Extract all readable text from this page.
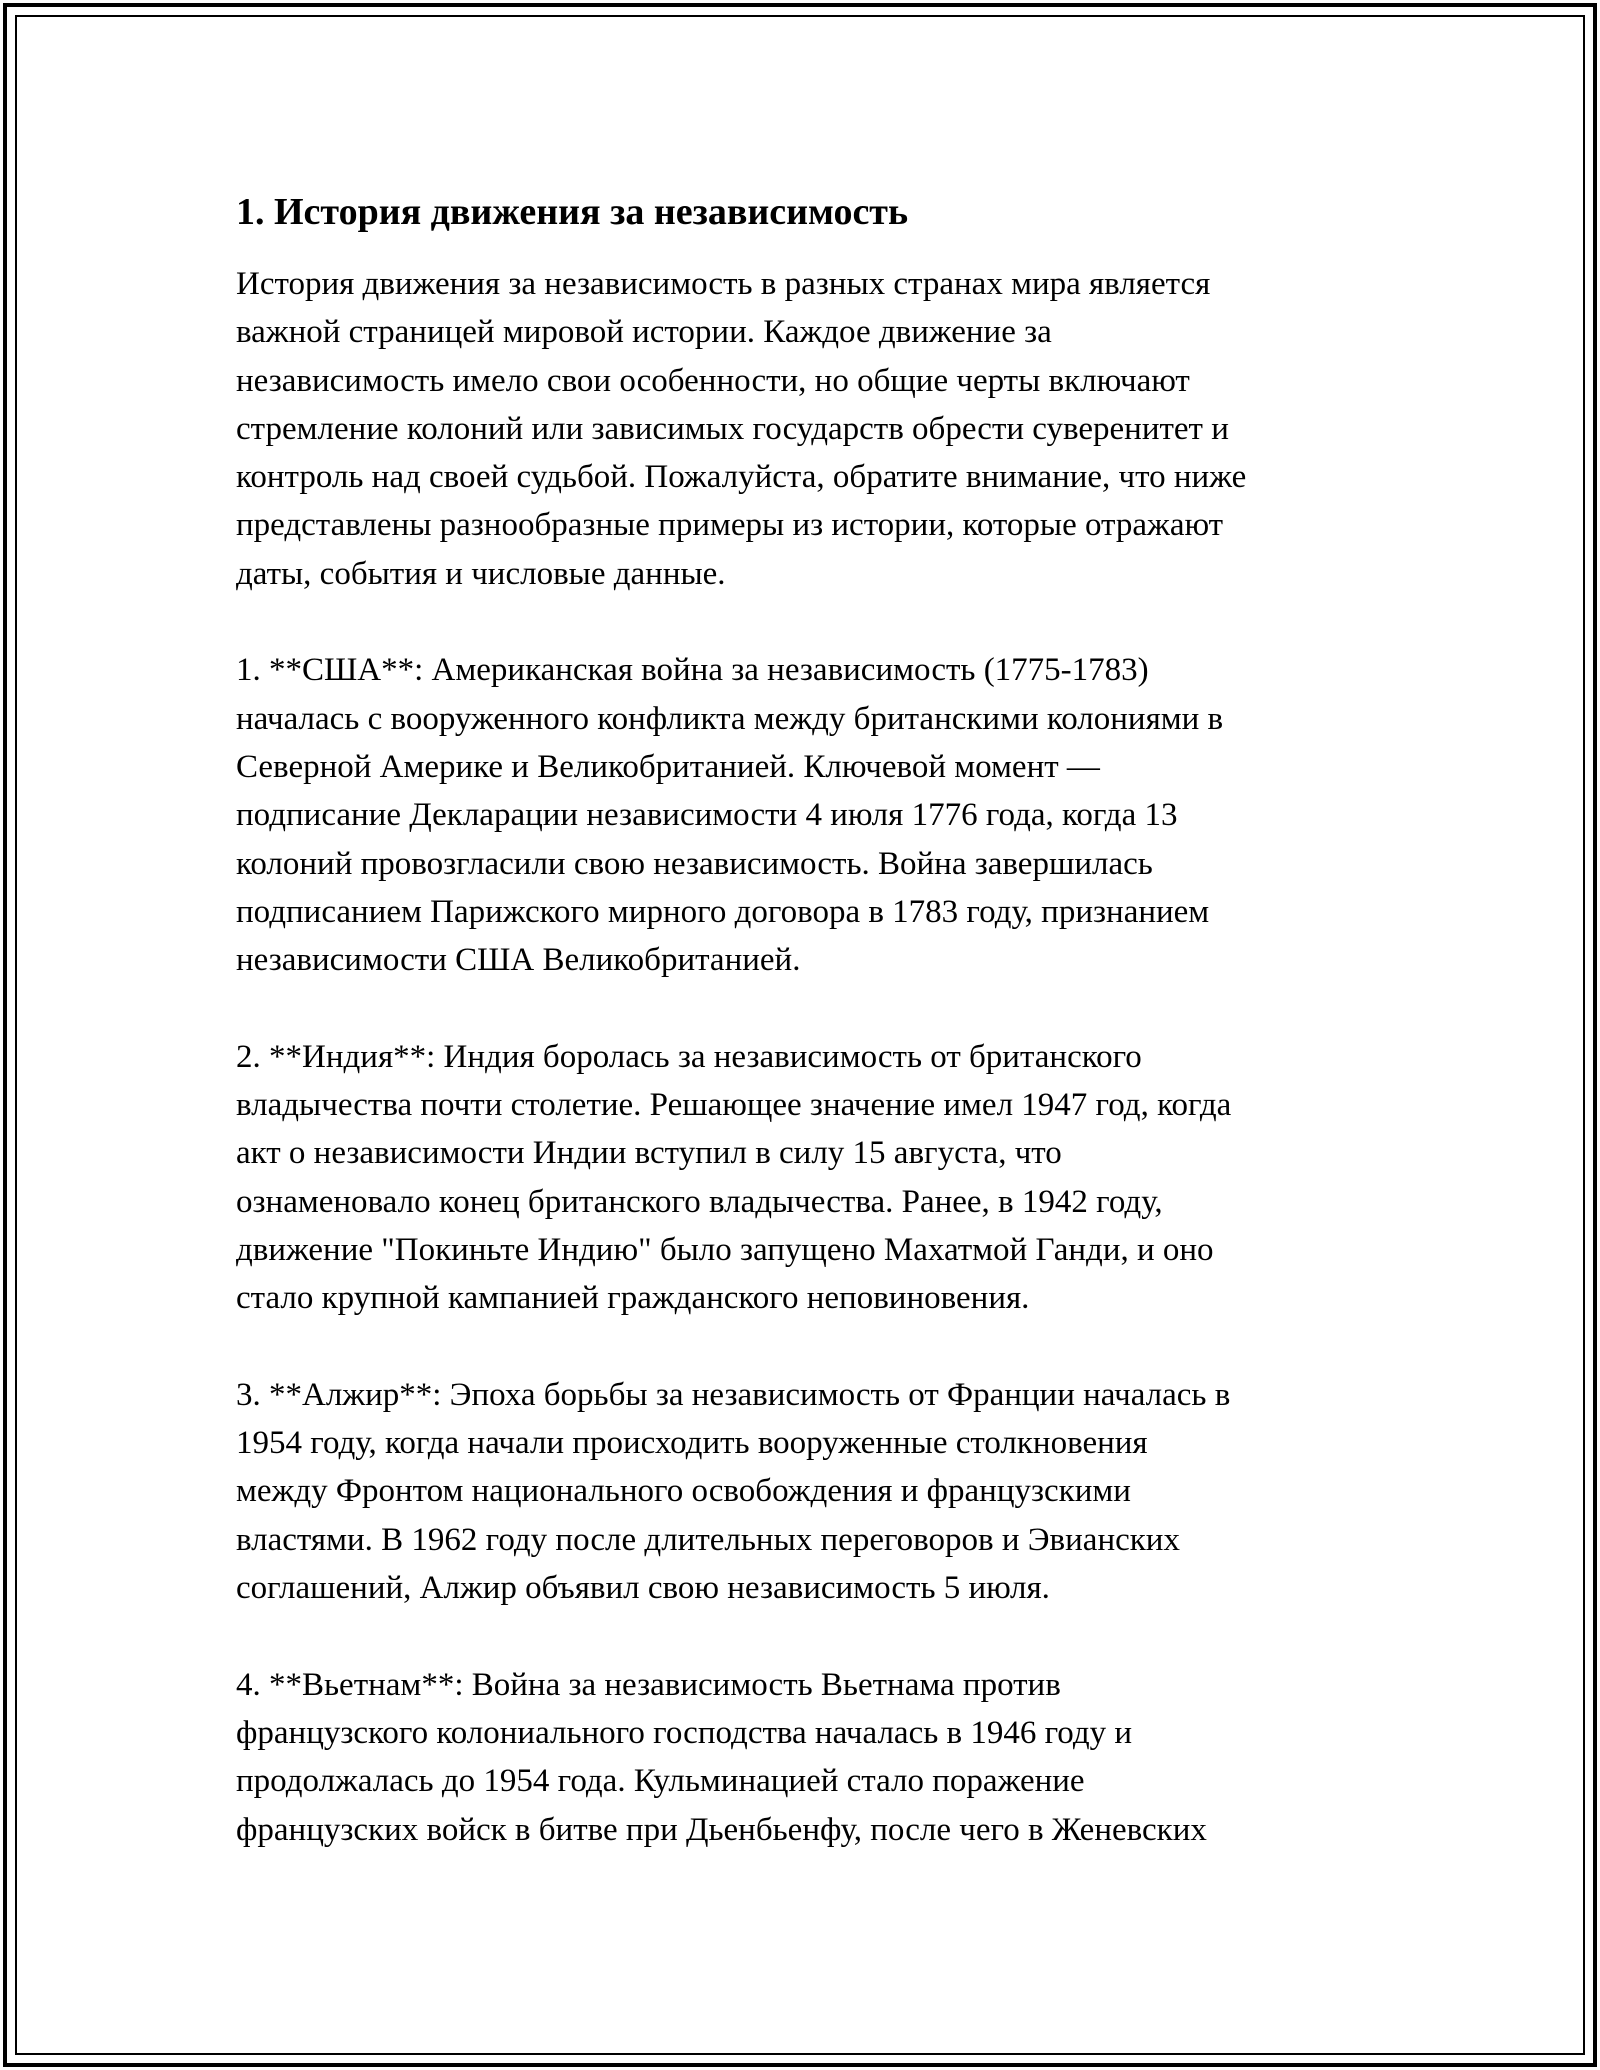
1. История движения за независимость

История движения за независимость в разных странах мира является
важной страницей мировой истории. Каждое движение за
независимость имело свои особенности, но общие черты включают
стремление колоний или зависимых государств обрести суверенитет и
контроль над своей судьбой. Пожалуйста, обратите внимание, что ниже
представлены разнообразные примеры из истории, которые отражают
даты, события и числовые данные.

1. **США**: Американская война за независимость (1775-1783)
началась с вооруженного конфликта между британскими колониями в
Северной Америке и Великобританией. Ключевой момент —
подписание Декларации независимости 4 июля 1776 года, когда 13
колоний провозгласили свою независимость. Война завершилась
подписанием Парижского мирного договора в 1783 году, признанием
независимости США Великобританией.

2. **Индия**: Индия боролась за независимость от британского
владычества почти столетие. Решающее значение имел 1947 год, когда
акт о независимости Индии вступил в силу 15 августа, что
ознаменовало конец британского владычества. Ранее, в 1942 году,
движение "Покиньте Индию" было запущено Махатмой Ганди, и оно
стало крупной кампанией гражданского неповиновения.

3. **Алжир**: Эпоха борьбы за независимость от Франции началась в
1954 году, когда начали происходить вооруженные столкновения
между Фронтом национального освобождения и французскими
властями. В 1962 году после длительных переговоров и Эвианских
соглашений, Алжир объявил свою независимость 5 июля.

4. **Вьетнам**: Война за независимость Вьетнама против
французского колониального господства началась в 1946 году и
продолжалась до 1954 года. Кульминацией стало поражение
французских войск в битве при Дьенбьенфу, после чего в Женевских
